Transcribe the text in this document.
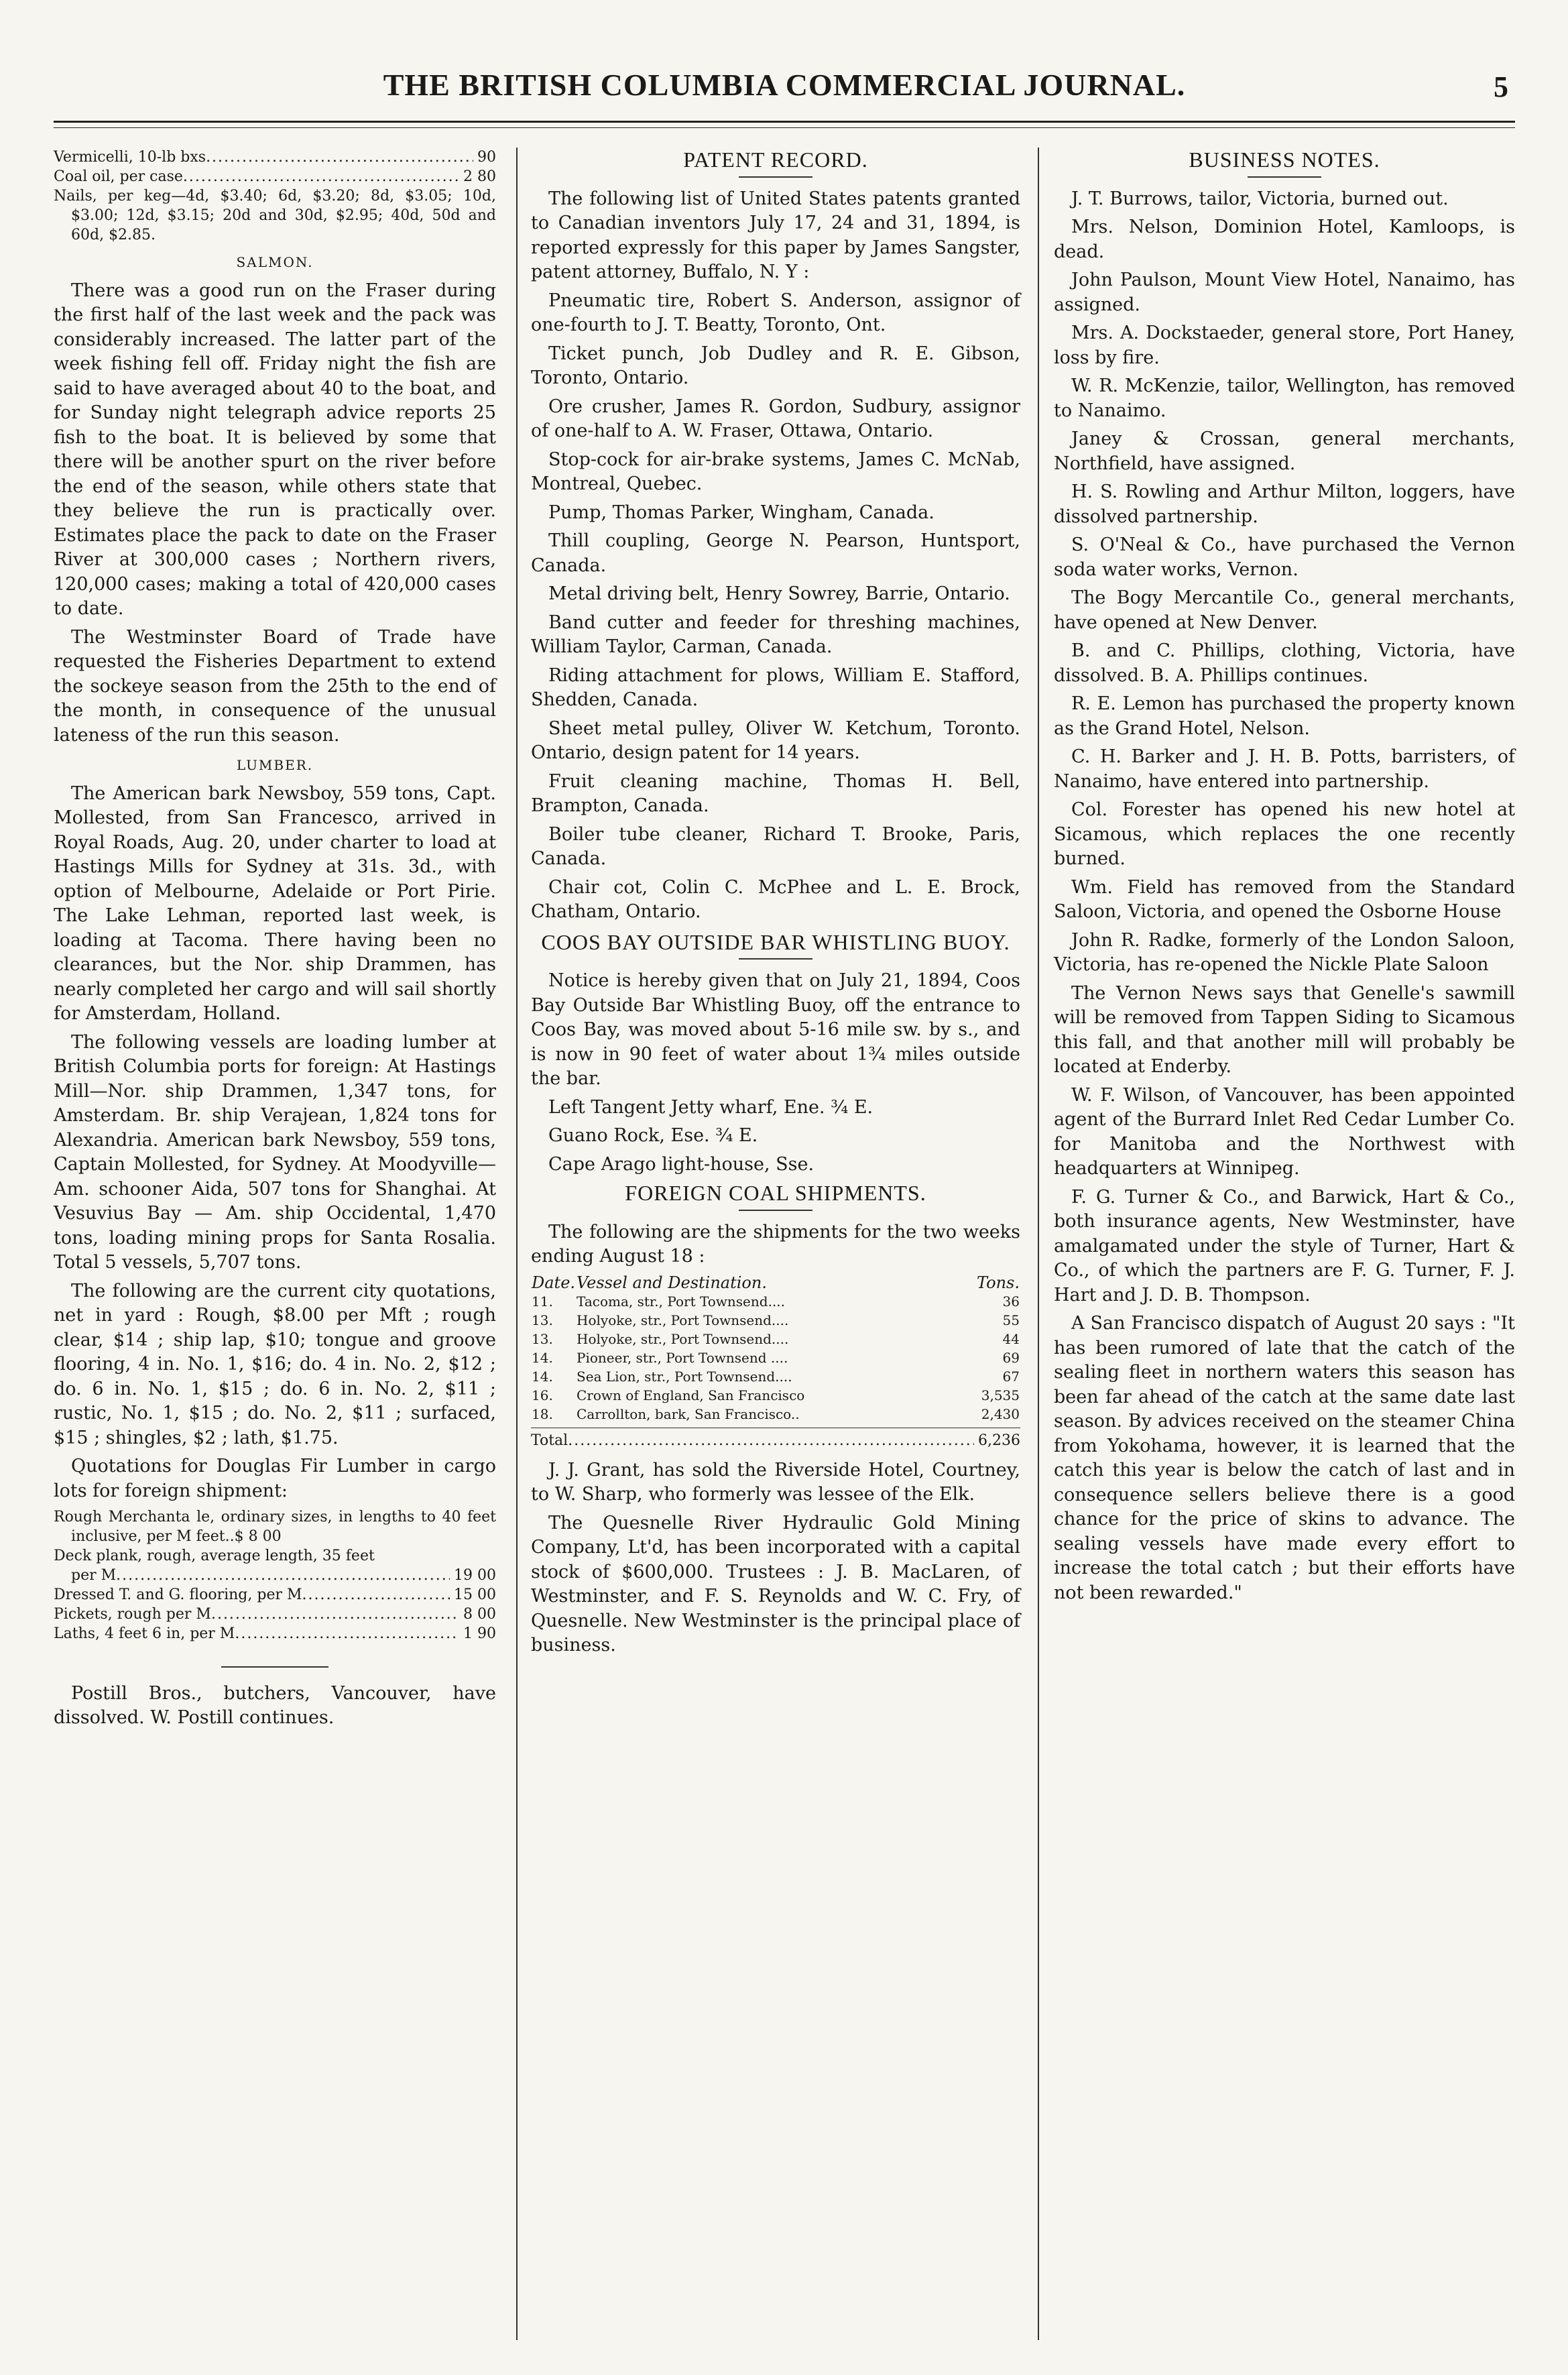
THE BRITISH COLUMBIA COMMERCIAL JOURNAL.	5
Vermicelli, 10-lb bxs .....	90
Coal oil, per case .....	2 80
Nails, per keg—4d, $3.40; 6d, $3.20; 8d, $3.05; 10d, $3.00; 12d, $3.15; 20d and 30d, $2.95; 40d, 50d and 60d, $2.85.
SALMON.

There was a good run on the Fraser during the first half of the last week and the pack was considerably increased. The latter part of the week fishing fell off. Friday night the fish are said to have averaged about 40 to the boat, and for Sunday night telegraph advice reports 25 fish to the boat. It is believed by some that there will be another spurt on the river before the end of the season, while others state that they believe the run is practically over. Estimates place the pack to date on the Fraser River at 300,000 cases ; Northern rivers, 120,000 cases; making a total of 420,000 cases to date.

The Westminster Board of Trade have requested the Fisheries Department to extend the sockeye season from the 25th to the end of the month, in consequence of the unusual lateness of the run this season.

LUMBER.

The American bark Newsboy, 559 tons, Capt. Mollested, from San Francesco, arrived in Royal Roads, Aug. 20, under charter to load at Hastings Mills for Sydney at 31s. 3d., with option of Melbourne, Adelaide or Port Pirie. The Lake Lehman, reported last week, is loading at Tacoma. There having been no clearances, but the Nor. ship Drammen, has nearly completed her cargo and will sail shortly for Amsterdam, Holland.

The following vessels are loading lumber at British Columbia ports for foreign: At Hastings Mill—Nor. ship Drammen, 1,347 tons, for Amsterdam. Br. ship Verajean, 1,824 tons for Alexandria. American bark Newsboy, 559 tons, Captain Mollested, for Sydney. At Moodyville—Am. schooner Aida, 507 tons for Shanghai. At Vesuvius Bay — Am. ship Occidental, 1,470 tons, loading mining props for Santa Rosalia. Total 5 vessels, 5,707 tons.

The following are the current city quotations, net in yard : Rough, $8.00 per Mft ; rough clear, $14 ; ship lap, $10; tongue and groove flooring, 4 in. No. 1, $16; do. 4 in. No. 2, $12 ; do. 6 in. No. 1, $15 ; do. 6 in. No. 2, $11 ; rustic, No. 1, $15 ; do. No. 2, $11 ; surfaced, $15 ; shingles, $2 ; lath, $1.75.

Quotations for Douglas Fir Lumber in cargo lots for foreign shipment:

Rough Merchanta le, ordinary sizes, in lengths to 40 feet inclusive, per M feet..$ 8 00
Deck plank, rough, average length, 35 feet
per M .....	19 00
Dressed T. and G. flooring, per M .....	15 00
Pickets, rough per M .....	8 00
Laths, 4 feet 6 in, per M .....	1 90

Postill Bros., butchers, Vancouver, have dissolved. W. Postill continues.

PATENT RECORD.

The following list of United States patents granted to Canadian inventors July 17, 24 and 31, 1894, is reported expressly for this paper by James Sangster, patent attorney, Buffalo, N. Y :

Pneumatic tire, Robert S. Anderson, assignor of one-fourth to J. T. Beatty, Toronto, Ont.

Ticket punch, Job Dudley and R. E. Gibson, Toronto, Ontario.

Ore crusher, James R. Gordon, Sudbury, assignor of one-half to A. W. Fraser, Ottawa, Ontario.

Stop-cock for air-brake systems, James C. McNab, Montreal, Quebec.

Pump, Thomas Parker, Wingham, Canada.

Thill coupling, George N. Pearson, Huntsport, Canada.

Metal driving belt, Henry Sowrey, Barrie, Ontario.

Band cutter and feeder for threshing machines, William Taylor, Carman, Canada.

Riding attachment for plows, William E. Stafford, Shedden, Canada.

Sheet metal pulley, Oliver W. Ketchum, Toronto. Ontario, design patent for 14 years.

Fruit cleaning machine, Thomas H. Bell, Brampton, Canada.

Boiler tube cleaner, Richard T. Brooke, Paris, Canada.

Chair cot, Colin C. McPhee and L. E. Brock, Chatham, Ontario.

COOS BAY OUTSIDE BAR WHISTLING BUOY.

Notice is hereby given that on July 21, 1894, Coos Bay Outside Bar Whistling Buoy, off the entrance to Coos Bay, was moved about 5-16 mile sw. by s., and is now in 90 feet of water about 1¾ miles outside the bar.

Left Tangent Jetty wharf, Ene. ¾ E.

Guano Rock, Ese. ¾ E.

Cape Arago light-house, Sse.

FOREIGN COAL SHIPMENTS.

The following are the shipments for the two weeks ending August 18 :

Date.	Vessel and Destination.	Tons.
11.	Tacoma, str., Port Townsend....	36
13.	Holyoke, str., Port Townsend....	55
13.	Holyoke, str., Port Townsend....	44
14.	Pioneer, str., Port Townsend ....	69
14.	Sea Lion, str., Port Townsend....	67
16.	Crown of England, San Francisco	3,535
18.	Carrollton, bark, San Francisco..	2,430
Total .....	6,236

J. J. Grant, has sold the Riverside Hotel, Courtney, to W. Sharp, who formerly was lessee of the Elk.

The Quesnelle River Hydraulic Gold Mining Company, Lt'd, has been incorporated with a capital stock of $600,000. Trustees : J. B. MacLaren, of Westminster, and F. S. Reynolds and W. C. Fry, of Quesnelle. New Westminster is the principal place of business.

BUSINESS NOTES.

J. T. Burrows, tailor, Victoria, burned out.

Mrs. Nelson, Dominion Hotel, Kamloops, is dead.

John Paulson, Mount View Hotel, Nanaimo, has assigned.

Mrs. A. Dockstaeder, general store, Port Haney, loss by fire.

W. R. McKenzie, tailor, Wellington, has removed to Nanaimo.

Janey & Crossan, general merchants, Northfield, have assigned.

H. S. Rowling and Arthur Milton, loggers, have dissolved partnership.

S. O'Neal & Co., have purchased the Vernon soda water works, Vernon.

The Bogy Mercantile Co., general merchants, have opened at New Denver.

B. and C. Phillips, clothing, Victoria, have dissolved. B. A. Phillips continues.

R. E. Lemon has purchased the property known as the Grand Hotel, Nelson.

C. H. Barker and J. H. B. Potts, barristers, of Nanaimo, have entered into partnership.

Col. Forester has opened his new hotel at Sicamous, which replaces the one recently burned.

Wm. Field has removed from the Standard Saloon, Victoria, and opened the Osborne House

John R. Radke, formerly of the London Saloon, Victoria, has re-opened the Nickle Plate Saloon

The Vernon News says that Genelle's sawmill will be removed from Tappen Siding to Sicamous this fall, and that another mill will probably be located at Enderby.

W. F. Wilson, of Vancouver, has been appointed agent of the Burrard Inlet Red Cedar Lumber Co. for Manitoba and the Northwest with headquarters at Winnipeg.

F. G. Turner & Co., and Barwick, Hart & Co., both insurance agents, New Westminster, have amalgamated under the style of Turner, Hart & Co., of which the partners are F. G. Turner, F. J. Hart and J. D. B. Thompson.

A San Francisco dispatch of August 20 says : "It has been rumored of late that the catch of the sealing fleet in northern waters this season has been far ahead of the catch at the same date last season. By advices received on the steamer China from Yokohama, however, it is learned that the catch this year is below the catch of last and in consequence sellers believe there is a good chance for the price of skins to advance. The sealing vessels have made every effort to increase the total catch ; but their efforts have not been rewarded."
